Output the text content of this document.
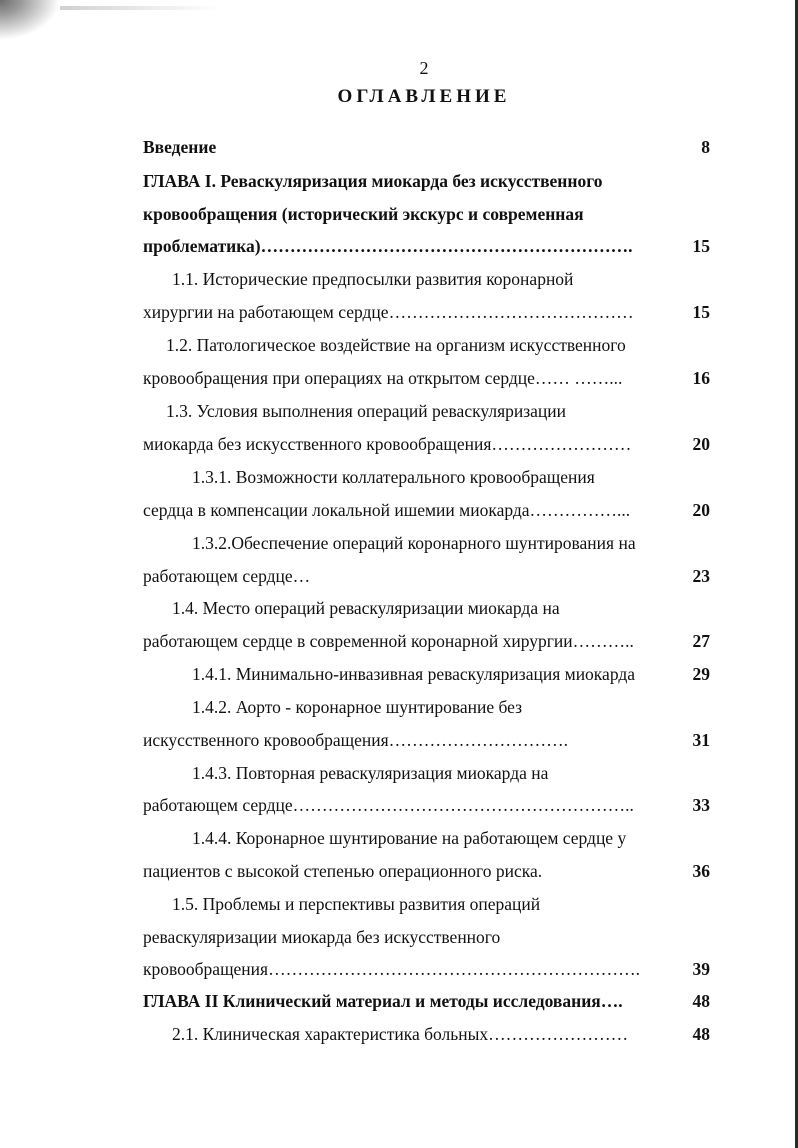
2
ОГЛАВЛЕНИЕ
Введение	8
ГЛАВА I. Реваскуляризация миокарда без искусственного
кровообращения (исторический экскурс и современная
проблематика)……………………………………………………….	15
1.1. Исторические предпосылки развития коронарной
хирургии на работающем сердце……………………………………	15
1.2. Патологическое воздействие на организм искусственного
кровообращения при операциях на открытом сердце…… ……...	16
1.3. Условия выполнения операций реваскуляризации
миокарда без искусственного кровообращения……………………	20
1.3.1. Возможности коллатерального кровообращения
сердца в компенсации локальной ишемии миокарда……………...	20
1.3.2.Обеспечение операций коронарного шунтирования на
работающем сердце…	23
1.4. Место операций реваскуляризации миокарда на
работающем сердце в современной коронарной хирургии………..	27
1.4.1. Минимально-инвазивная реваскуляризация миокарда	29
1.4.2. Аорто - коронарное шунтирование без
искусственного кровообращения………………………….	31
1.4.3. Повторная реваскуляризация миокарда на
работающем сердце…………………………………………………..	33
1.4.4. Коронарное шунтирование на работающем сердце у
пациентов с высокой степенью операционного риска.	36
1.5. Проблемы и перспективы развития операций
реваскуляризации миокарда без искусственного
кровообращения……………………………………………………….	39
ГЛАВА II Клинический материал и методы исследования….	48
2.1. Клиническая характеристика больных……………………	48
